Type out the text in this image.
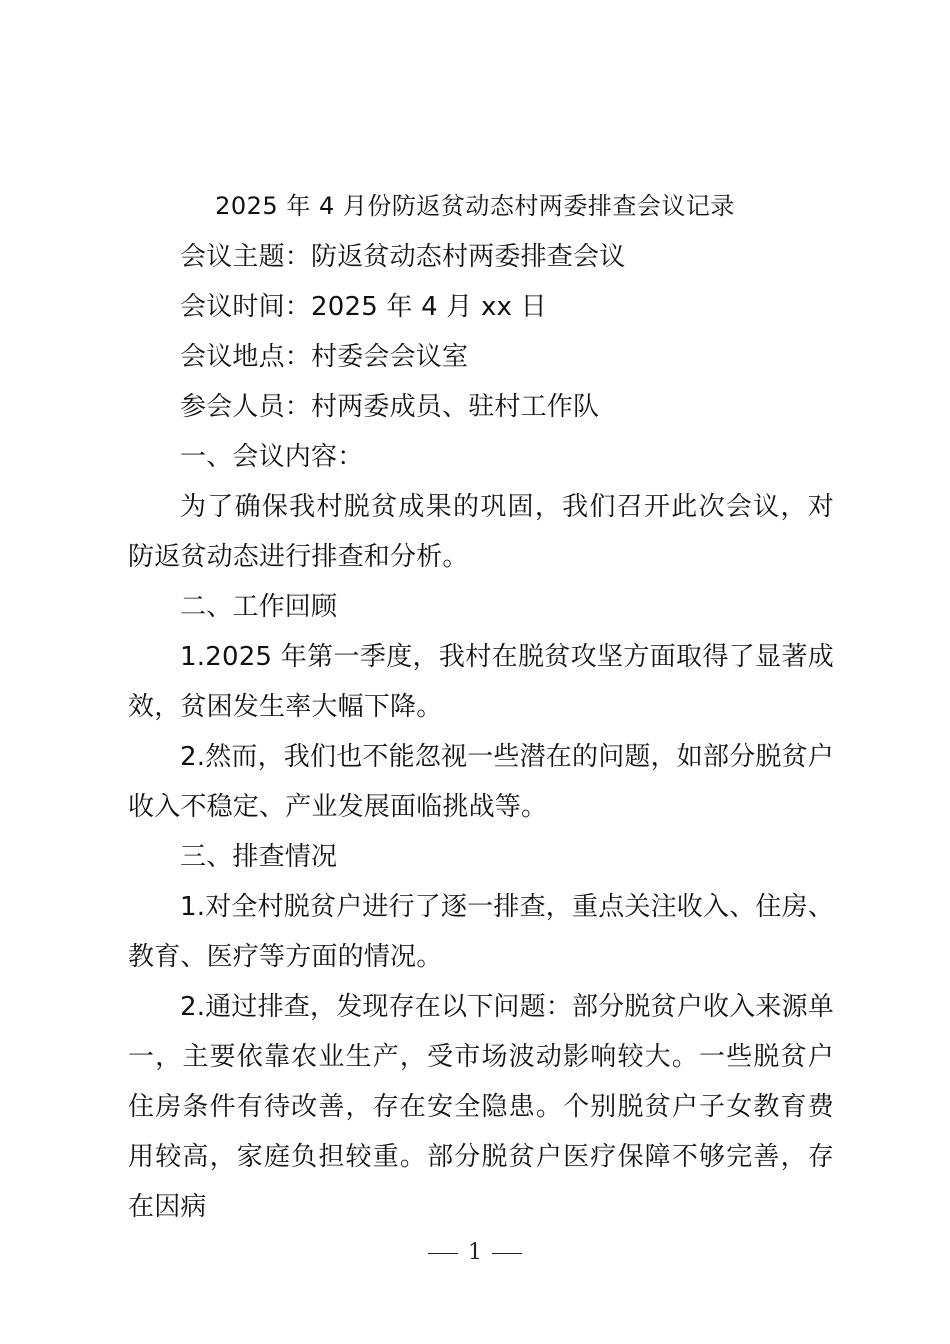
2025 年 4 月份防返贫动态村两委排查会议记录

会议主题：防返贫动态村两委排查会议

会议时间：2025 年 4 月 xx 日

会议地点：村委会会议室

参会人员：村两委成员、驻村工作队

一、会议内容：

为了确保我村脱贫成果的巩固，我们召开此次会议，对防返贫动态进行排查和分析。

二、工作回顾

1.2025 年第一季度，我村在脱贫攻坚方面取得了显著成效，贫困发生率大幅下降。

2.然而，我们也不能忽视一些潜在的问题，如部分脱贫户收入不稳定、产业发展面临挑战等。

三、排查情况

1.对全村脱贫户进行了逐一排查，重点关注收入、住房、教育、医疗等方面的情况。

2.通过排查，发现存在以下问题：部分脱贫户收入来源单一，主要依靠农业生产，受市场波动影响较大。一些脱贫户住房条件有待改善，存在安全隐患。个别脱贫户子女教育费用较高，家庭负担较重。部分脱贫户医疗保障不够完善，存在因病

1
